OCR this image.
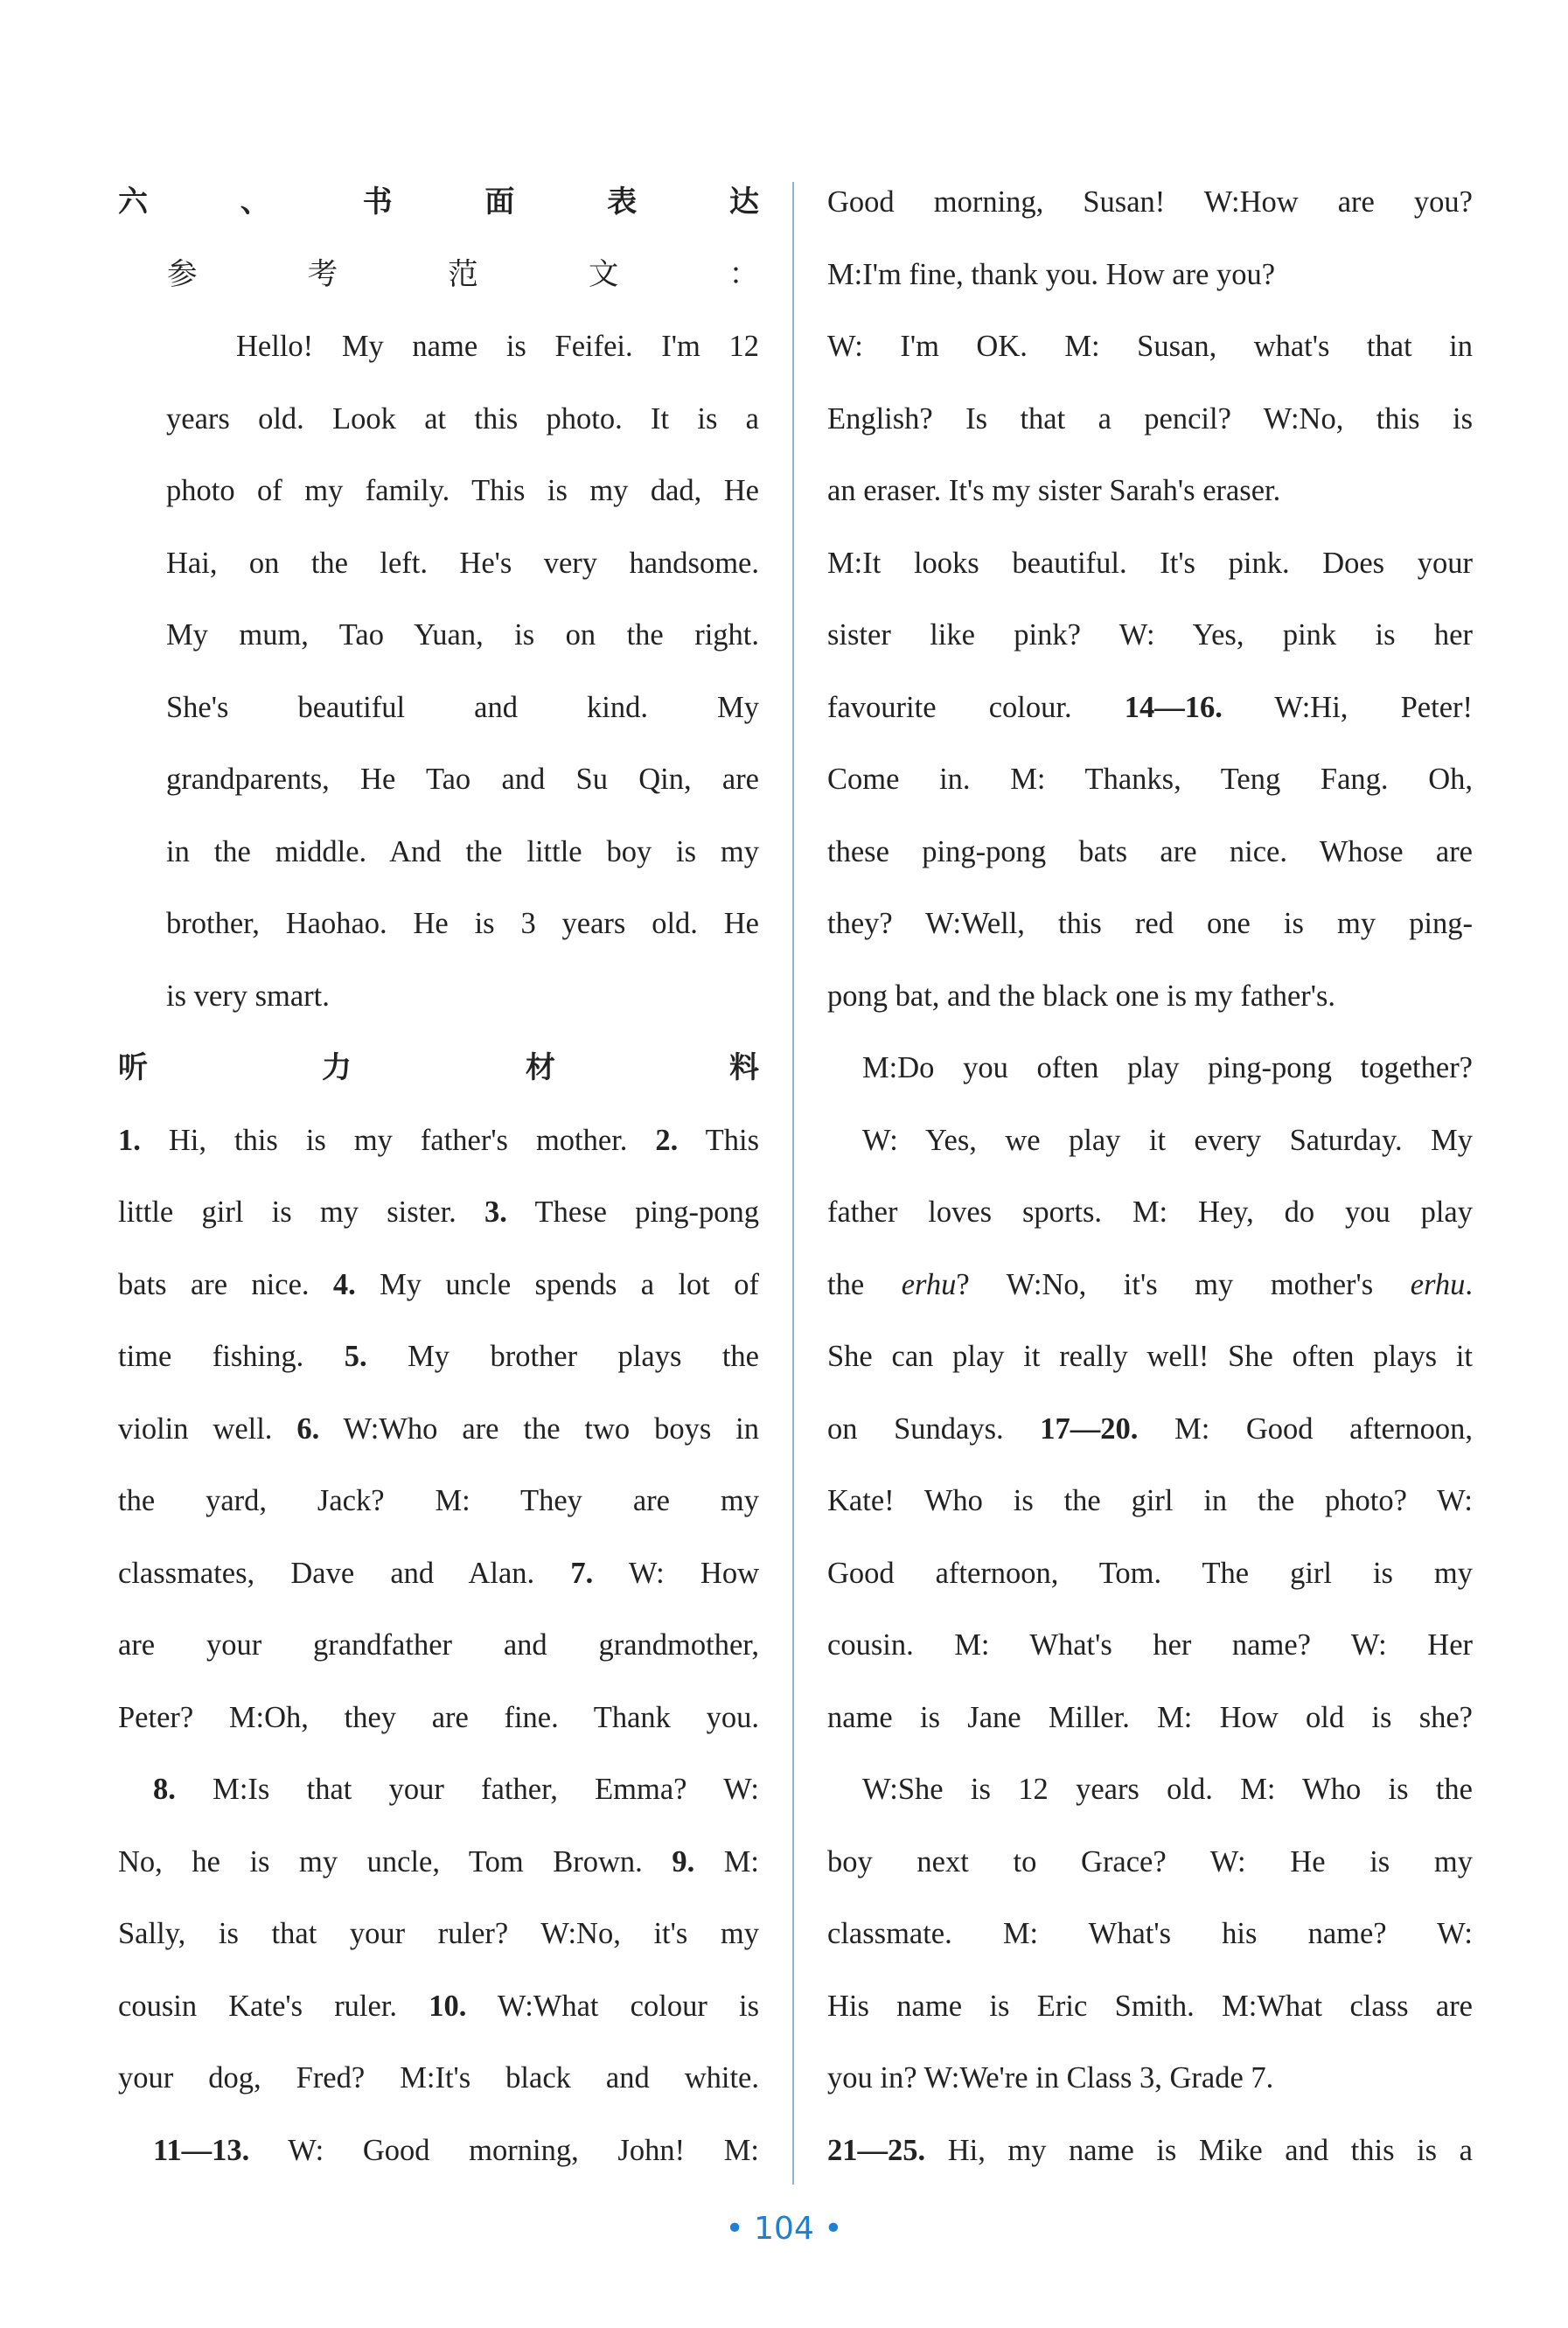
六、书面表达
参考范文：
Hello! My name is Feifei. I'm 12
years old. Look at this photo. It is a
photo of my family. This is my dad, He
Hai, on the left. He's very handsome.
My mum, Tao Yuan, is on the right.
She's beautiful and kind. My
grandparents, He Tao and Su Qin, are
in the middle. And the little boy is my
brother, Haohao. He is 3 years old. He
is very smart.
听力材料
1. Hi, this is my father's mother. 2. This
little girl is my sister. 3. These ping-pong
bats are nice. 4. My uncle spends a lot of
time fishing. 5. My brother plays the
violin well. 6. W:Who are the two boys in
the yard, Jack? M: They are my
classmates, Dave and Alan. 7. W: How
are your grandfather and grandmother,
Peter? M:Oh, they are fine. Thank you.
8. M:Is that your father, Emma? W:
No, he is my uncle, Tom Brown. 9. M:
Sally, is that your ruler? W:No, it's my
cousin Kate's ruler. 10. W:What colour is
your dog, Fred? M:It's black and white.
11—13. W: Good morning, John! M:
Good morning, Susan! W:How are you?
M:I'm fine, thank you. How are you?
W: I'm OK. M: Susan, what's that in
English? Is that a pencil? W:No, this is
an eraser. It's my sister Sarah's eraser.
M:It looks beautiful. It's pink. Does your
sister like pink? W: Yes, pink is her
favourite colour. 14—16. W:Hi, Peter!
Come in. M: Thanks, Teng Fang. Oh,
these ping-pong bats are nice. Whose are
they? W:Well, this red one is my ping-
pong bat, and the black one is my father's.
M:Do you often play ping-pong together?
W: Yes, we play it every Saturday. My
father loves sports. M: Hey, do you play
the erhu? W:No, it's my mother's erhu.
She can play it really well! She often plays it
on Sundays. 17—20. M: Good afternoon,
Kate! Who is the girl in the photo? W:
Good afternoon, Tom. The girl is my
cousin. M: What's her name? W: Her
name is Jane Miller. M: How old is she?
W:She is 12 years old. M: Who is the
boy next to Grace? W: He is my
classmate. M: What's his name? W:
His name is Eric Smith. M:What class are
you in? W:We're in Class 3, Grade 7.
21—25. Hi, my name is Mike and this is a
• 104 •
